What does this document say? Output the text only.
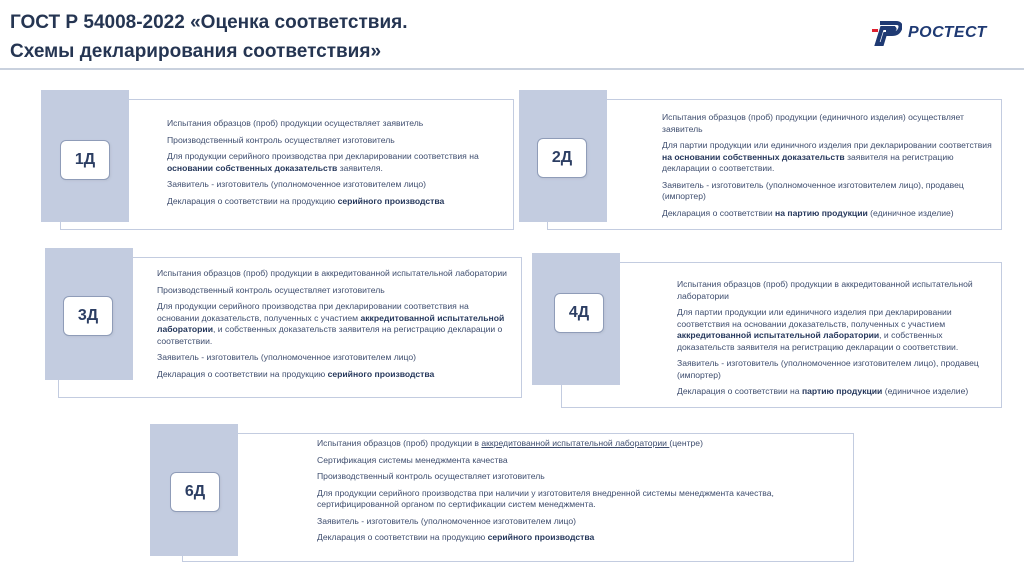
ГОСТ Р 54008-2022 «Оценка соответствия.
Схемы декларирования соответствия»
РОСТЕСТ

Испытания образцов (проб) продукции осуществляет заявитель

Производственный контроль осуществляет изготовитель

Для продукции серийного производства при декларировании соответствия на основании собственных доказательств заявителя.

Заявитель - изготовитель (уполномоченное изготовителем лицо)

Декларация о соответствии на продукцию серийного производства

1Д

Испытания образцов (проб) продукции (единичного изделия) осуществляет заявитель

Для партии продукции или единичного изделия при декларировании соответствия на основании собственных доказательств заявителя на регистрацию декларации о соответствии.

Заявитель - изготовитель (уполномоченное изготовителем лицо), продавец (импортер)

Декларация о соответствии на партию продукции (единичное изделие)

2Д

Испытания образцов (проб) продукции в аккредитованной испытательной лаборатории

Производственный контроль осуществляет изготовитель

Для продукции серийного производства при декларировании соответствия на основании доказательств, полученных с участием аккредитованной испытательной лаборатории, и собственных доказательств заявителя на регистрацию декларации о соответствии.

Заявитель - изготовитель (уполномоченное изготовителем лицо)

Декларация о соответствии на продукцию серийного производства

3Д

Испытания образцов (проб) продукции в аккредитованной испытательной лаборатории

Для партии продукции или единичного изделия при декларировании соответствия на основании доказательств, полученных с участием аккредитованной испытательной лаборатории, и собственных доказательств заявителя на регистрацию декларации о соответствии.

Заявитель - изготовитель (уполномоченное изготовителем лицо), продавец (импортер)

Декларация о соответствии на партию продукции (единичное изделие)

4Д

Испытания образцов (проб) продукции в аккредитованной испытательной лаборатории (центре)

Сертификация системы менеджмента качества

Производственный контроль осуществляет изготовитель

Для продукции серийного производства при наличии у изготовителя внедренной системы менеджмента качества, сертифицированной органом по сертификации систем менеджмента.

Заявитель - изготовитель (уполномоченное изготовителем лицо)

Декларация о соответствии на продукцию серийного производства

6Д
